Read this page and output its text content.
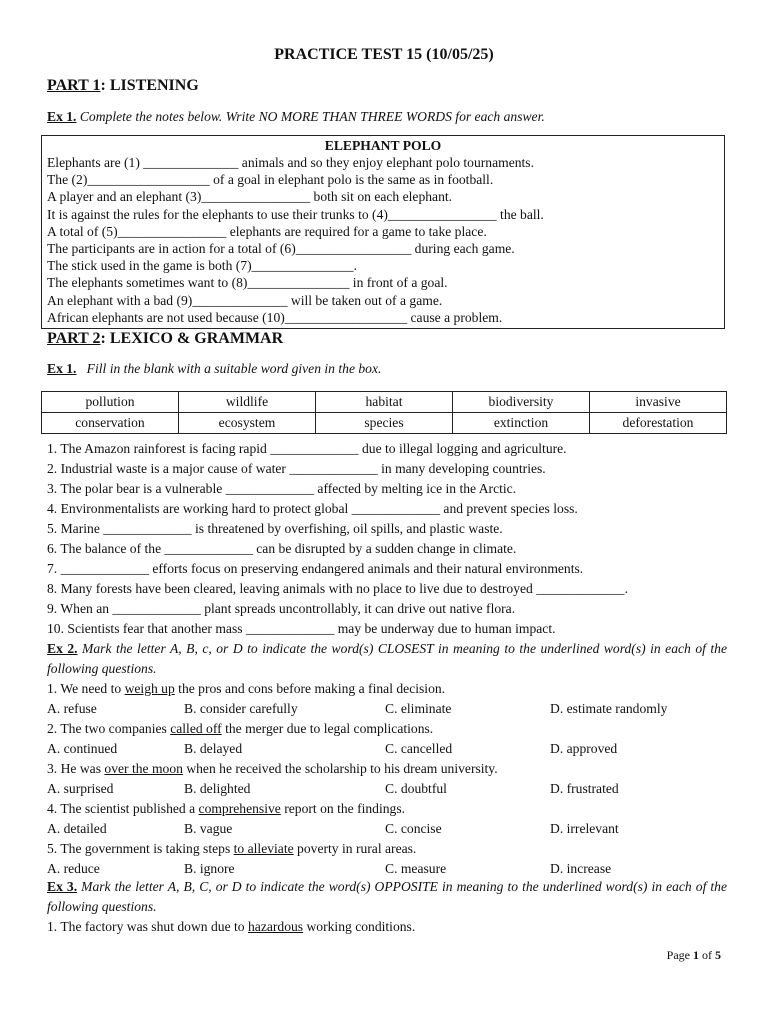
PRACTICE TEST 15 (10/05/25)
PART 1: LISTENING
Ex 1. Complete the notes below. Write NO MORE THAN THREE WORDS for each answer.
ELEPHANT POLO
Elephants are (1) ______________ animals and so they enjoy elephant polo tournaments.
The (2)__________________ of a goal in elephant polo is the same as in football.
A player and an elephant (3)________________ both sit on each elephant.
It is against the rules for the elephants to use their trunks to (4)________________ the ball.
A total of (5)________________ elephants are required for a game to take place.
The participants are in action for a total of (6)_________________ during each game.
The stick used in the game is both (7)_______________.
The elephants sometimes want to (8)_______________ in front of a goal.
An elephant with a bad (9)______________ will be taken out of a game.
African elephants are not used because (10)__________________ cause a problem.
PART 2: LEXICO & GRAMMAR
Ex 1.   Fill in the blank with a suitable word given in the box.
pollution	wildlife	habitat	biodiversity	invasive
conservation	ecosystem	species	extinction	deforestation
1. The Amazon rainforest is facing rapid _____________ due to illegal logging and agriculture.
2. Industrial waste is a major cause of water _____________ in many developing countries.
3. The polar bear is a vulnerable _____________ affected by melting ice in the Arctic.
4. Environmentalists are working hard to protect global _____________ and prevent species loss.
5. Marine _____________ is threatened by overfishing, oil spills, and plastic waste.
6. The balance of the _____________ can be disrupted by a sudden change in climate.
7. _____________ efforts focus on preserving endangered animals and their natural environments.
8. Many forests have been cleared, leaving animals with no place to live due to destroyed _____________.
9. When an _____________ plant spreads uncontrollably, it can drive out native flora.
10. Scientists fear that another mass _____________ may be underway due to human impact.
Ex 2. Mark the letter A, B, c, or D to indicate the word(s) CLOSEST in meaning to the underlined word(s) in each of the following questions.
1. We need to weigh up the pros and cons before making a final decision.
A. refuse	B. consider carefully	C. eliminate	D. estimate randomly
2. The two companies called off the merger due to legal complications.
A. continued	B. delayed	C. cancelled	D. approved
3. He was over the moon when he received the scholarship to his dream university.
A. surprised	B. delighted	C. doubtful	D. frustrated
4. The scientist published a comprehensive report on the findings.
A. detailed	B. vague	C. concise	D. irrelevant
5. The government is taking steps to alleviate poverty in rural areas.
A. reduce	B. ignore	C. measure	D. increase
Ex 3. Mark the letter A, B, C, or D to indicate the word(s) OPPOSITE in meaning to the underlined word(s) in each of the following questions.
1. The factory was shut down due to hazardous working conditions.
Page 1 of 5
